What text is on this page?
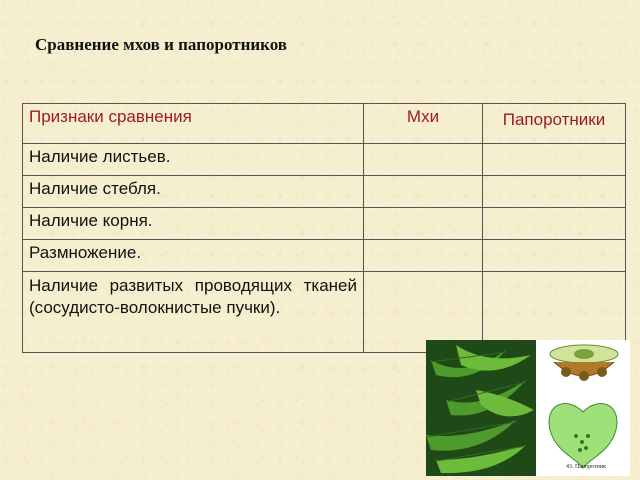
Сравнение мхов и папоротников
Признаки сравнения	Мхи	Папоротники
Наличие листьев.		
Наличие стебля.		
Наличие корня.		
Размножение.		
Наличие развитых проводящих тканей (сосудисто-волокнистые пучки).		
43. Папоротник
